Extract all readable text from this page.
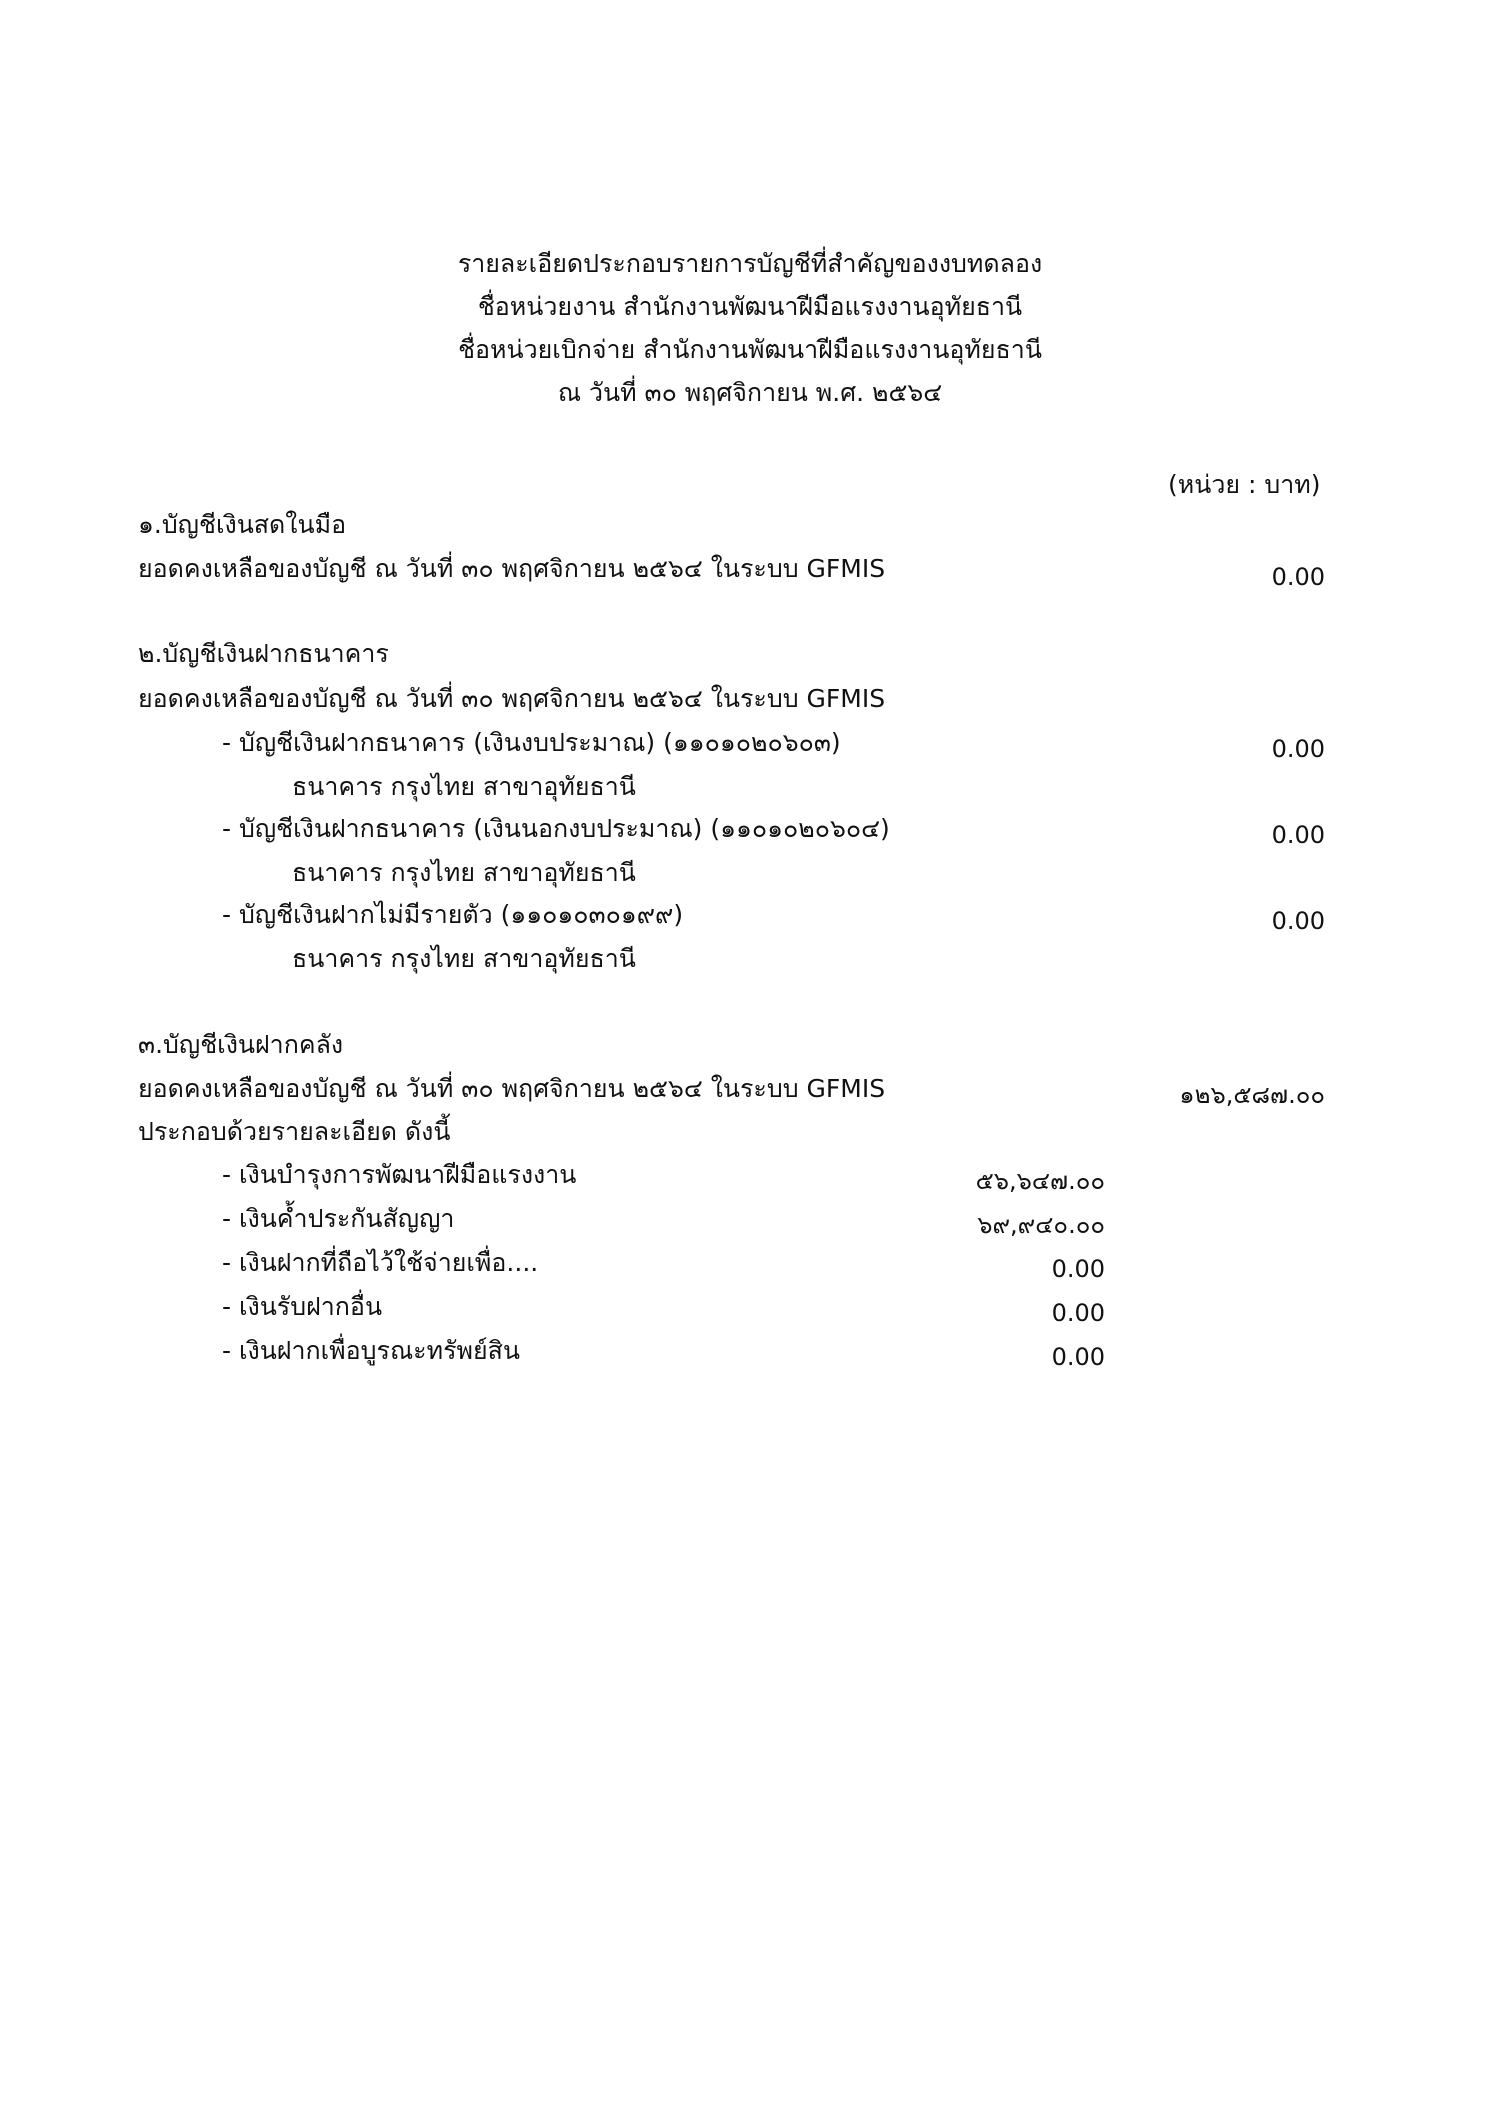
รายละเอียดประกอบรายการบัญชีที่สำคัญของงบทดลอง
ชื่อหน่วยงาน สำนักงานพัฒนาฝีมือแรงงานอุทัยธานี
ชื่อหน่วยเบิกจ่าย สำนักงานพัฒนาฝีมือแรงงานอุทัยธานี
ณ วันที่ ๓๐ พฤศจิกายน พ.ศ. ๒๕๖๔
(หน่วย : บาท)
๑.บัญชีเงินสดในมือ
ยอดคงเหลือของบัญชี ณ วันที่ ๓๐ พฤศจิกายน ๒๕๖๔ ในระบบ GFMIS	0.00
๒.บัญชีเงินฝากธนาคาร
ยอดคงเหลือของบัญชี ณ วันที่ ๓๐ พฤศจิกายน ๒๕๖๔ ในระบบ GFMIS
- บัญชีเงินฝากธนาคาร (เงินงบประมาณ) (๑๑๐๑๐๒๐๖๐๓)	0.00
ธนาคาร กรุงไทย สาขาอุทัยธานี
- บัญชีเงินฝากธนาคาร (เงินนอกงบประมาณ) (๑๑๐๑๐๒๐๖๐๔)	0.00
ธนาคาร กรุงไทย สาขาอุทัยธานี
- บัญชีเงินฝากไม่มีรายตัว (๑๑๐๑๐๓๐๑๙๙)	0.00
ธนาคาร กรุงไทย สาขาอุทัยธานี
๓.บัญชีเงินฝากคลัง
ยอดคงเหลือของบัญชี ณ วันที่ ๓๐ พฤศจิกายน ๒๕๖๔ ในระบบ GFMIS	๑๒๖,๕๘๗.๐๐
ประกอบด้วยรายละเอียด ดังนี้
- เงินบำรุงการพัฒนาฝีมือแรงงาน	๕๖,๖๔๗.๐๐
- เงินค้ำประกันสัญญา	๖๙,๙๔๐.๐๐
- เงินฝากที่ถือไว้ใช้จ่ายเพื่อ....	0.00
- เงินรับฝากอื่น	0.00
- เงินฝากเพื่อบูรณะทรัพย์สิน	0.00
